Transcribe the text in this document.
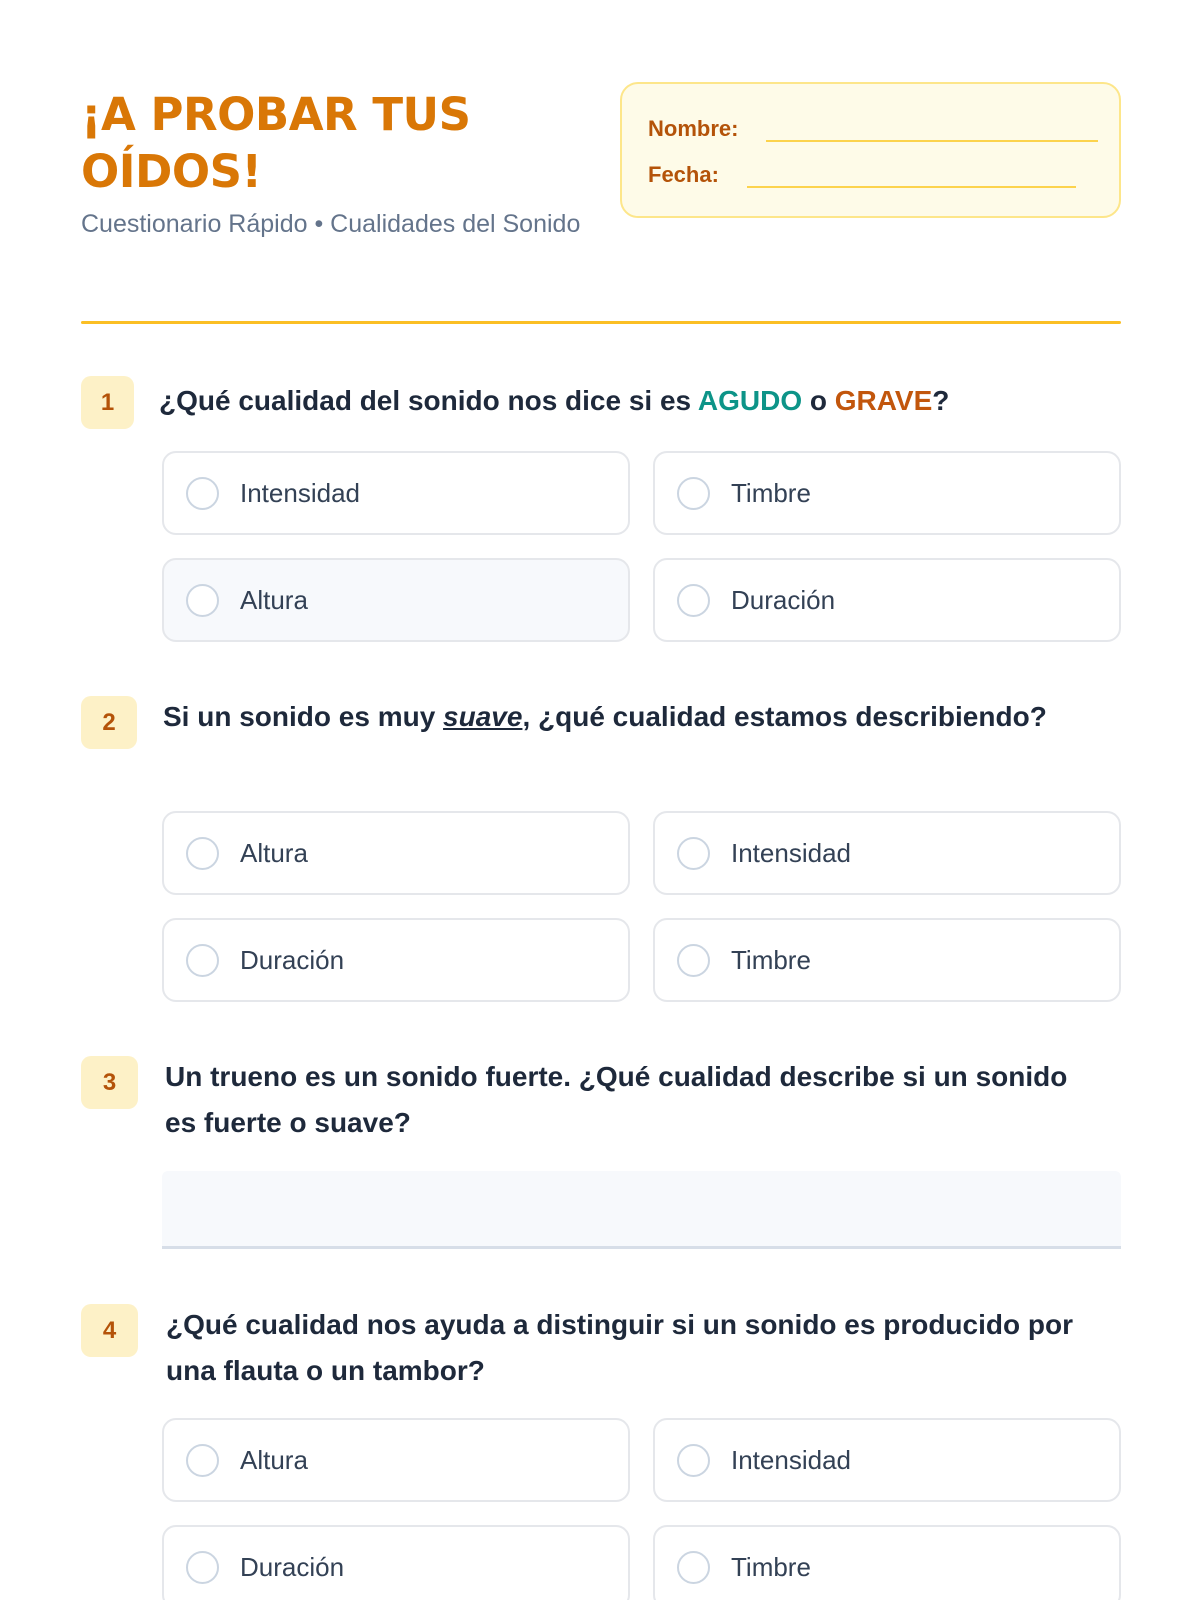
¡A PROBAR TUS OÍDOS!
Cuestionario Rápido • Cualidades del Sonido
Nombre:
Fecha:
1	¿Qué cualidad del sonido nos dice si es AGUDO o GRAVE?
Intensidad	Timbre
Altura	Duración
2	Si un sonido es muy suave, ¿qué cualidad estamos describiendo?
Altura	Intensidad
Duración	Timbre
3	Un trueno es un sonido fuerte. ¿Qué cualidad describe si un sonido es fuerte o suave?
4	¿Qué cualidad nos ayuda a distinguir si un sonido es producido por una flauta o un tambor?
Altura	Intensidad
Duración	Timbre
